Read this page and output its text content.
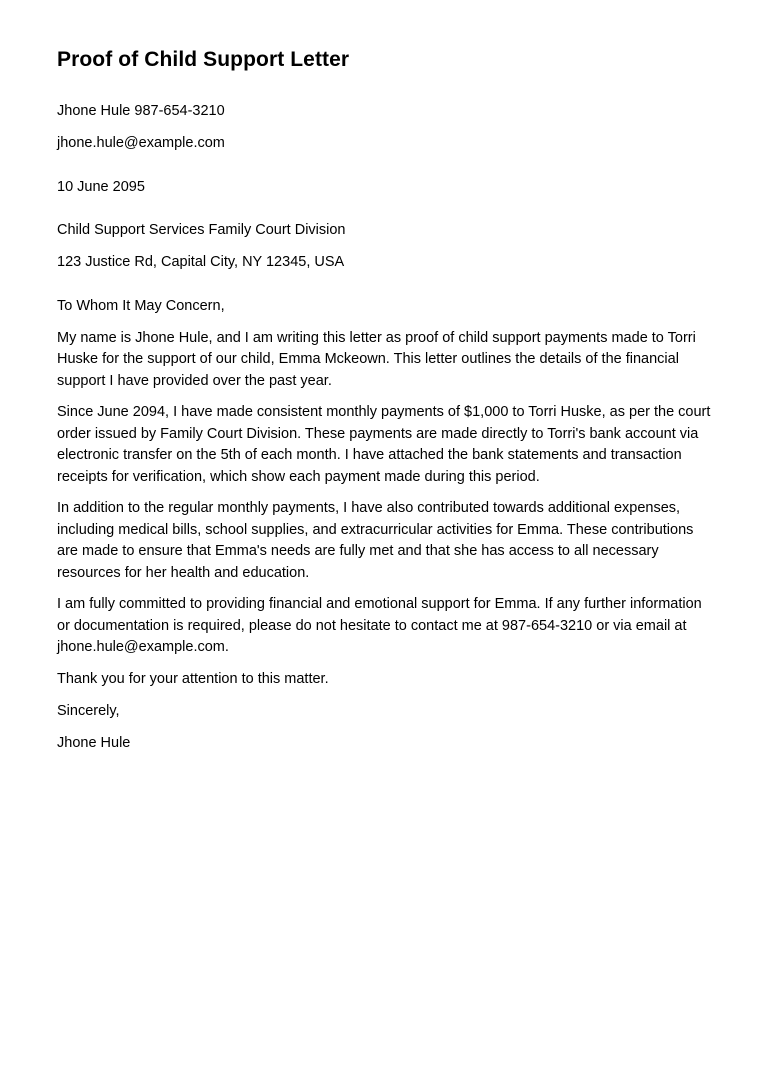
Proof of Child Support Letter

Jhone Hule 987-654-3210

jhone.hule@example.com

10 June 2095

Child Support Services Family Court Division

123 Justice Rd, Capital City, NY 12345, USA

To Whom It May Concern,

My name is Jhone Hule, and I am writing this letter as proof of child support payments made to Torri Huske for the support of our child, Emma Mckeown. This letter outlines the details of the financial support I have provided over the past year.

Since June 2094, I have made consistent monthly payments of $1,000 to Torri Huske, as per the court order issued by Family Court Division. These payments are made directly to Torri's bank account via electronic transfer on the 5th of each month. I have attached the bank statements and transaction receipts for verification, which show each payment made during this period.

In addition to the regular monthly payments, I have also contributed towards additional expenses, including medical bills, school supplies, and extracurricular activities for Emma. These contributions are made to ensure that Emma's needs are fully met and that she has access to all necessary resources for her health and education.

I am fully committed to providing financial and emotional support for Emma. If any further information or documentation is required, please do not hesitate to contact me at 987-654-3210 or via email at jhone.hule@example.com.

Thank you for your attention to this matter.

Sincerely,

Jhone Hule
